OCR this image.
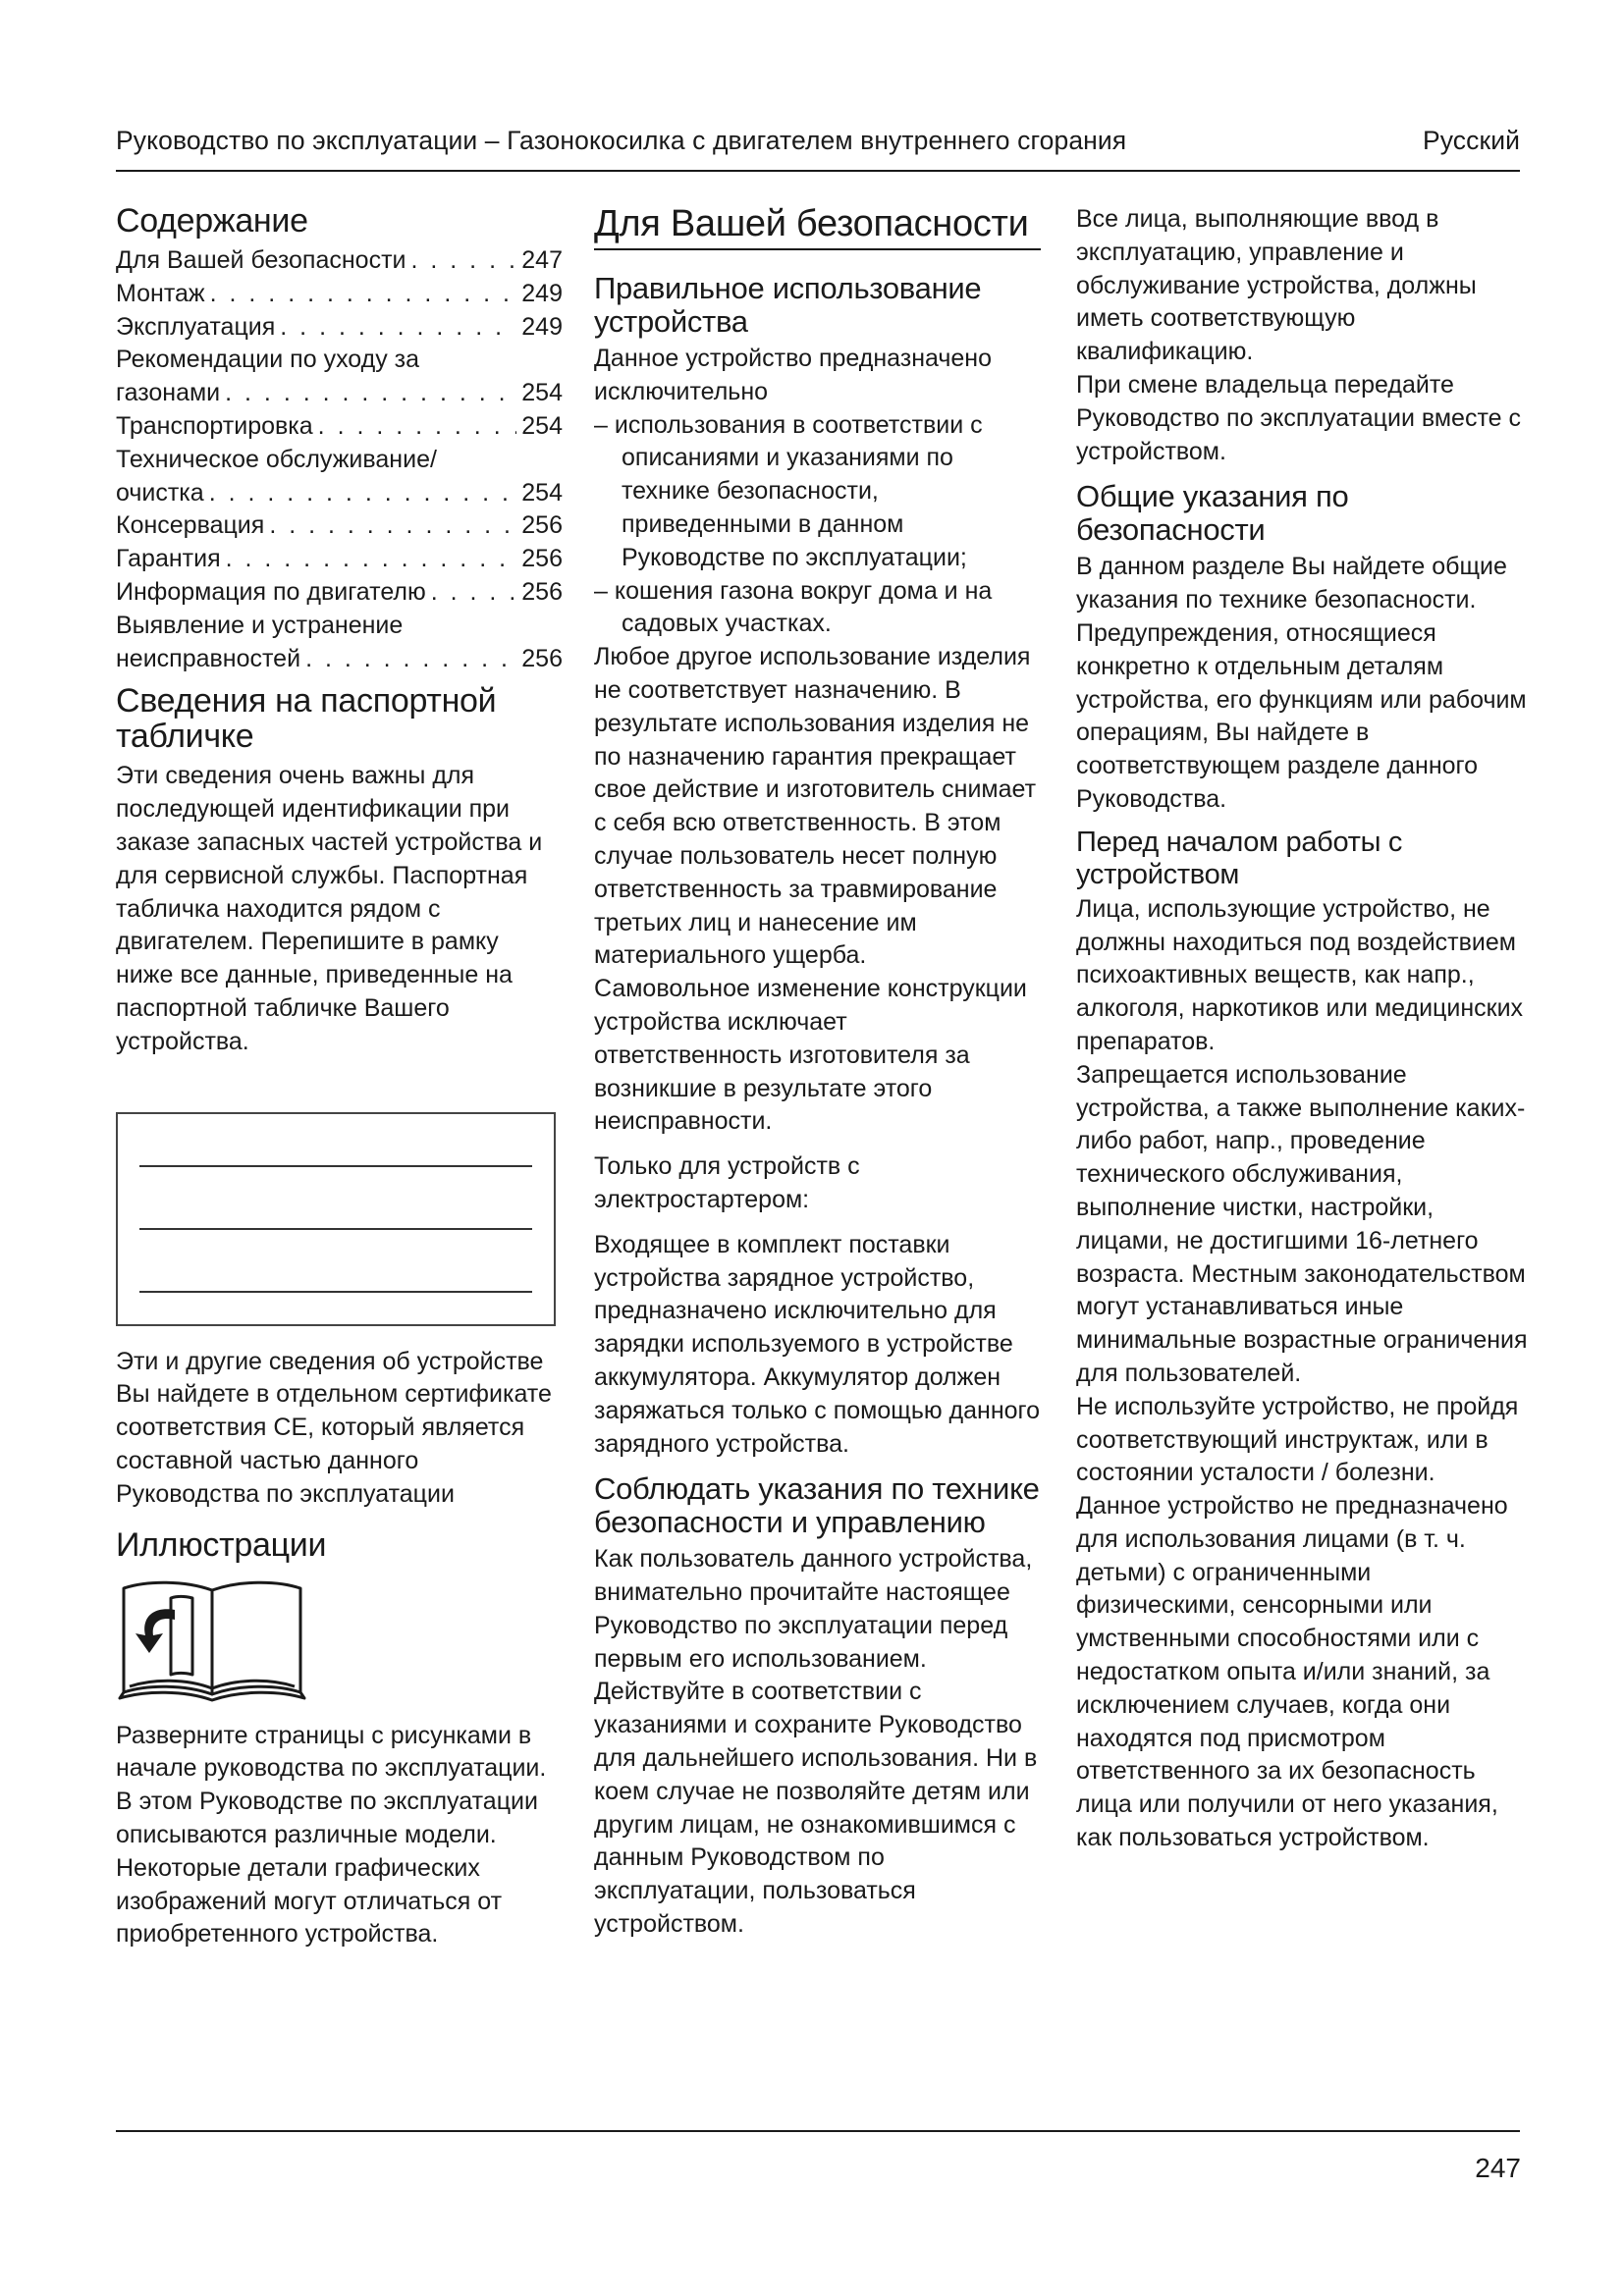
Руководство по эксплуатации – Газонокосилка с двигателем внутреннего сгорания	Русский
Содержание
Для Вашей безопасности . . .	247
Монтаж . . .	249
Эксплуатация . . .	249
Рекомендации по уходу за
газонами . . .	254
Транспортировка . . .	254
Техническое обслуживание/
очистка . . .	254
Консервация . . .	256
Гарантия . . .	256
Информация по двигателю . . .	256
Выявление и устранение
неисправностей . . .	256
Сведения на паспортной табличке

Эти сведения очень важны для последующей идентификации при заказе запасных частей устройства и для сервисной службы. Паспортная табличка находится рядом с двигателем. Перепишите в рамку ниже все данные, приведенные на паспортной табличке Вашего устройства.

Эти и другие сведения об устройстве Вы найдете в отдельном сертификате соответствия CE, который является составной частью данного Руководства по эксплуатации

Иллюстрации

Разверните страницы с рисунками в начале руководства по эксплуатации.

В этом Руководстве по эксплуатации описываются различные модели. Некоторые детали графических изображений могут отличаться от приобретенного устройства.

Для Вашей безопасности
Правильное использование устройства

Данное устройство предназначено исключительно

– использования в соответствии с описаниями и указаниями по технике безопасности, приведенными в данном Руководстве по эксплуатации;
– кошения газона вокруг дома и на садовых участках.

Любое другое использование изделия не соответствует назначению. В результате использования изделия не по назначению гарантия прекращает свое действие и изготовитель снимает с себя всю ответственность. В этом случае пользователь несет полную ответственность за травмирование третьих лиц и нанесение им материального ущерба.

Самовольное изменение конструкции устройства исключает ответственность изготовителя за возникшие в результате этого неисправности.

Только для устройств с электростартером:

Входящее в комплект поставки устройства зарядное устройство, предназначено исключительно для зарядки используемого в устройстве аккумулятора. Аккумулятор должен заряжаться только с помощью данного зарядного устройства.

Соблюдать указания по технике безопасности и управлению

Как пользователь данного устройства, внимательно прочитайте настоящее Руководство по эксплуатации перед первым его использованием. Действуйте в соответствии с указаниями и сохраните Руководство для дальнейшего использования. Ни в коем случае не позволяйте детям или другим лицам, не ознакомившимся с данным Руководством по эксплуатации, пользоваться устройством.

Все лица, выполняющие ввод в эксплуатацию, управление и обслуживание устройства, должны иметь соответствующую квалификацию.

При смене владельца передайте Руководство по эксплуатации вместе с устройством.

Общие указания по безопасности

В данном разделе Вы найдете общие указания по технике безопасности. Предупреждения, относящиеся конкретно к отдельным деталям устройства, его функциям или рабочим операциям, Вы найдете в соответствующем разделе данного Руководства.

Перед началом работы с устройством

Лица, использующие устройство, не должны находиться под воздействием психоактивных веществ, как напр., алкоголя, наркотиков или медицинских препаратов.

Запрещается использование устройства, а также выполнение каких-либо работ, напр., проведение технического обслуживания, выполнение чистки, настройки, лицами, не достигшими 16-летнего возраста. Местным законодательством могут устанавливаться иные минимальные возрастные ограничения для пользователей.

Не используйте устройство, не пройдя соответствующий инструктаж, или в состоянии усталости / болезни.

Данное устройство не предназначено для использования лицами (в т. ч. детьми) с ограниченными физическими, сенсорными или умственными способностями или с недостатком опыта и/или знаний, за исключением случаев, когда они находятся под присмотром ответственного за их безопасность лица или получили от него указания, как пользоваться устройством.

247
